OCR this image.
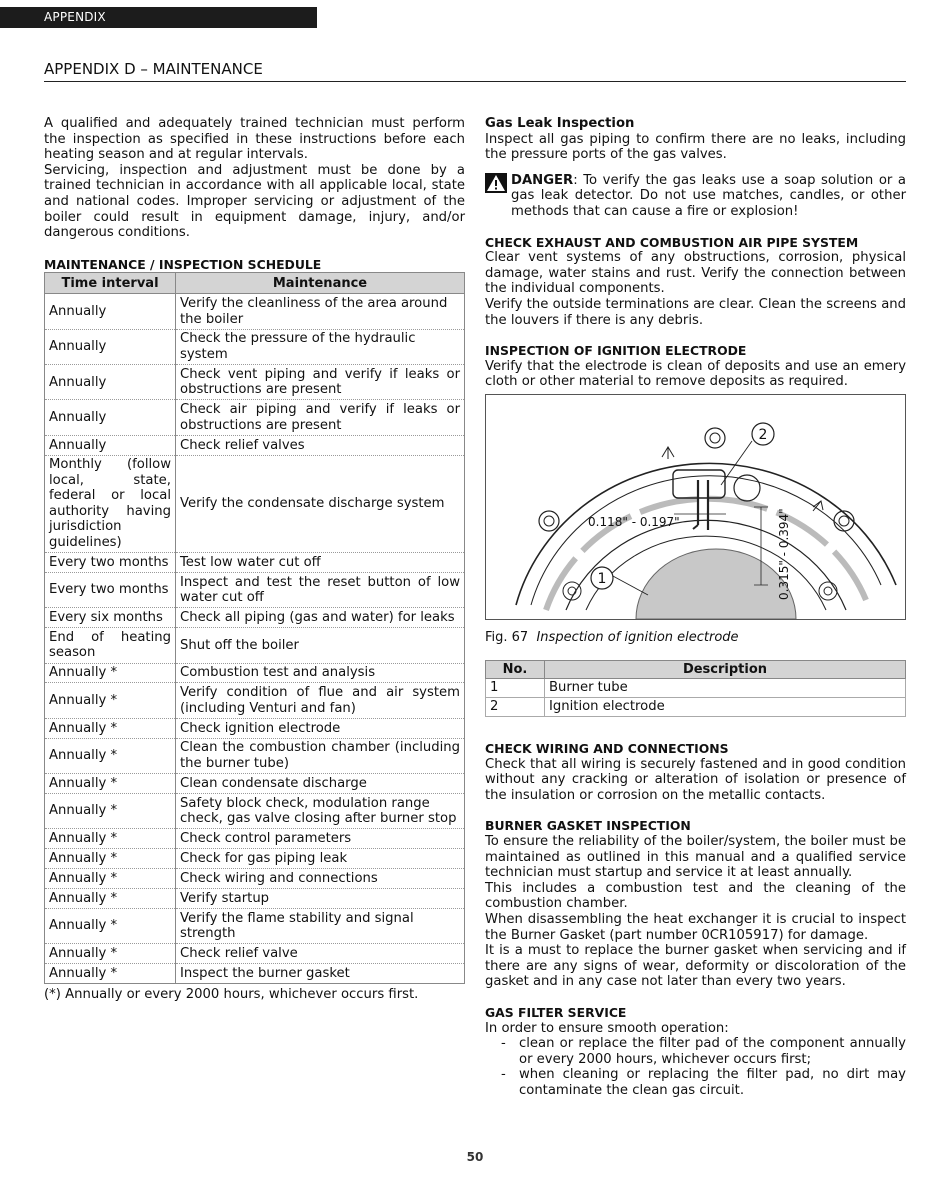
APPENDIX
APPENDIX D – MAINTENANCE

A qualified and adequately trained technician must perform the inspection as specified in these instructions before each heating season and at regular intervals.

Servicing, inspection and adjustment must be done by a trained technician in accordance with all applicable local, state and national codes. Improper servicing or adjustment of the boiler could result in equipment damage, injury, and/or dangerous conditions.

MAINTENANCE / INSPECTION SCHEDULE
Time interval	Maintenance
Annually	Verify the cleanliness of the area around the boiler
Annually	Check the pressure of the hydraulic system
Annually	Check vent piping and verify if leaks or obstructions are present
Annually	Check air piping and verify if leaks or obstructions are present
Annually	Check relief valves
Monthly (follow local, state, federal or local authority having jurisdiction guidelines)	Verify the condensate discharge system
Every two months	Test low water cut off
Every two months	Inspect and test the reset button of low water cut off
Every six months	Check all piping (gas and water) for leaks
End of heating season	Shut off the boiler
Annually *	Combustion test and analysis
Annually *	Verify condition of flue and air system (including Venturi and fan)
Annually *	Check ignition electrode
Annually *	Clean the combustion chamber (including the burner tube)
Annually *	Clean condensate discharge
Annually *	Safety block check, modulation range check, gas valve closing after burner stop
Annually *	Check control parameters
Annually *	Check for gas piping leak
Annually *	Check wiring and connections
Annually *	Verify startup
Annually *	Verify the flame stability and signal strength
Annually *	Check relief valve
Annually *	Inspect the burner gasket
(*) Annually or every 2000 hours, whichever occurs first.
Gas Leak Inspection

Inspect all gas piping to confirm there are no leaks, including the pressure ports of the gas valves.

DANGER: To verify the gas leaks use a soap solution or a gas leak detector. Do not use matches, candles, or other methods that can cause a fire or explosion!

CHECK EXHAUST AND COMBUSTION AIR PIPE SYSTEM

Clear vent systems of any obstructions, corrosion, physical damage, water stains and rust. Verify the connection between the individual components.

Verify the outside terminations are clear. Clean the screens and the louvers if there is any debris.

INSPECTION OF IGNITION ELECTRODE

Verify that the electrode is clean of deposits and use an emery cloth or other material to remove deposits as required.

0.118" - 0.197"	0.315" - 0.394"
2
1
Fig. 67 Inspection of ignition electrode
No.	Description
1	Burner tube
2	Ignition electrode
CHECK WIRING AND CONNECTIONS

Check that all wiring is securely fastened and in good condition without any cracking or alteration of isolation or presence of the insulation or corrosion on the metallic contacts.

BURNER GASKET INSPECTION

To ensure the reliability of the boiler/system, the boiler must be maintained as outlined in this manual and a qualified service technician must startup and service it at least annually.

This includes a combustion test and the cleaning of the combustion chamber.

When disassembling the heat exchanger it is crucial to inspect the Burner Gasket (part number 0CR105917) for damage.

It is a must to replace the burner gasket when servicing and if there are any signs of wear, deformity or discoloration of the gasket and in any case not later than every two years.

GAS FILTER SERVICE

In order to ensure smooth operation:

- clean or replace the filter pad of the component annually or every 2000 hours, whichever occurs first;
- when cleaning or replacing the filter pad, no dirt may contaminate the clean gas circuit.
50
